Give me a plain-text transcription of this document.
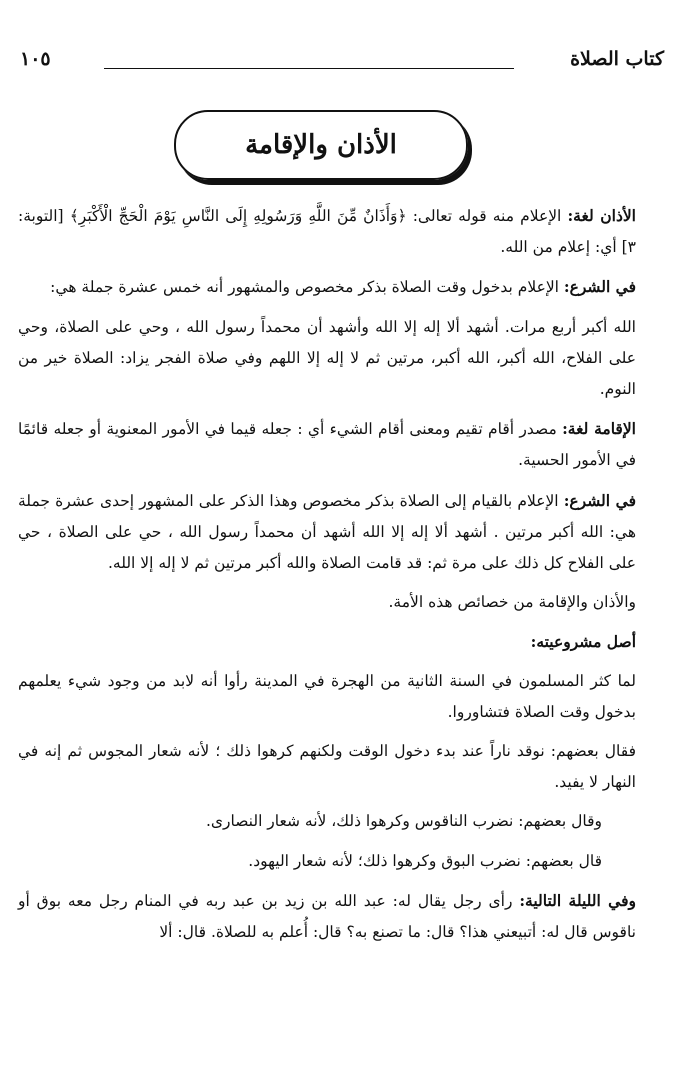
كتاب الصلاة
١٠٥
الأذان والإقامة

الأذان لغة: الإعلام منه قوله تعالى: ﴿وَأَذَانٌ مِّنَ اللَّهِ وَرَسُولِهِ إِلَى النَّاسِ يَوْمَ الْحَجِّ الْأَكْبَرِ﴾ [التوبة: ٣] أي: إعلام من الله.

في الشرع: الإعلام بدخول وقت الصلاة بذكر مخصوص والمشهور أنه خمس عشرة جملة هي:

الله أكبر أربع مرات. أشهد ألا إله إلا الله وأشهد أن محمداً رسول الله ، وحي على الصلاة، وحي على الفلاح، الله أكبر، الله أكبر، مرتين ثم لا إله إلا اللهم وفي صلاة الفجر يزاد: الصلاة خير من النوم.

الإقامة لغة: مصدر أقام تقيم ومعنى أقام الشيء أي : جعله قيما في الأمور المعنوية أو جعله قائمًا في الأمور الحسية.

في الشرع: الإعلام بالقيام إلى الصلاة بذكر مخصوص وهذا الذكر على المشهور إحدى عشرة جملة هي: الله أكبر مرتين . أشهد ألا إله إلا الله أشهد أن محمداً رسول الله ، حي على الصلاة ، حي على الفلاح كل ذلك على مرة ثم: قد قامت الصلاة والله أكبر مرتين ثم لا إله إلا الله.

والأذان والإقامة من خصائص هذه الأمة.

أصل مشروعيته:

لما كثر المسلمون في السنة الثانية من الهجرة في المدينة رأوا أنه لابد من وجود شيء يعلمهم بدخول وقت الصلاة فتشاوروا.

فقال بعضهم: نوقد ناراً عند بدء دخول الوقت ولكنهم كرهوا ذلك ؛ لأنه شعار المجوس ثم إنه في النهار لا يفيد.

وقال بعضهم: نضرب الناقوس وكرهوا ذلك، لأنه شعار النصارى.

قال بعضهم: نضرب البوق وكرهوا ذلك؛ لأنه شعار اليهود.

وفي الليلة التالية: رأى رجل يقال له: عبد الله بن زيد بن عبد ربه في المنام رجل معه بوق أو ناقوس قال له: أتبيعني هذا؟ قال: ما تصنع به؟ قال: أُعلم به للصلاة. قال: ألا
